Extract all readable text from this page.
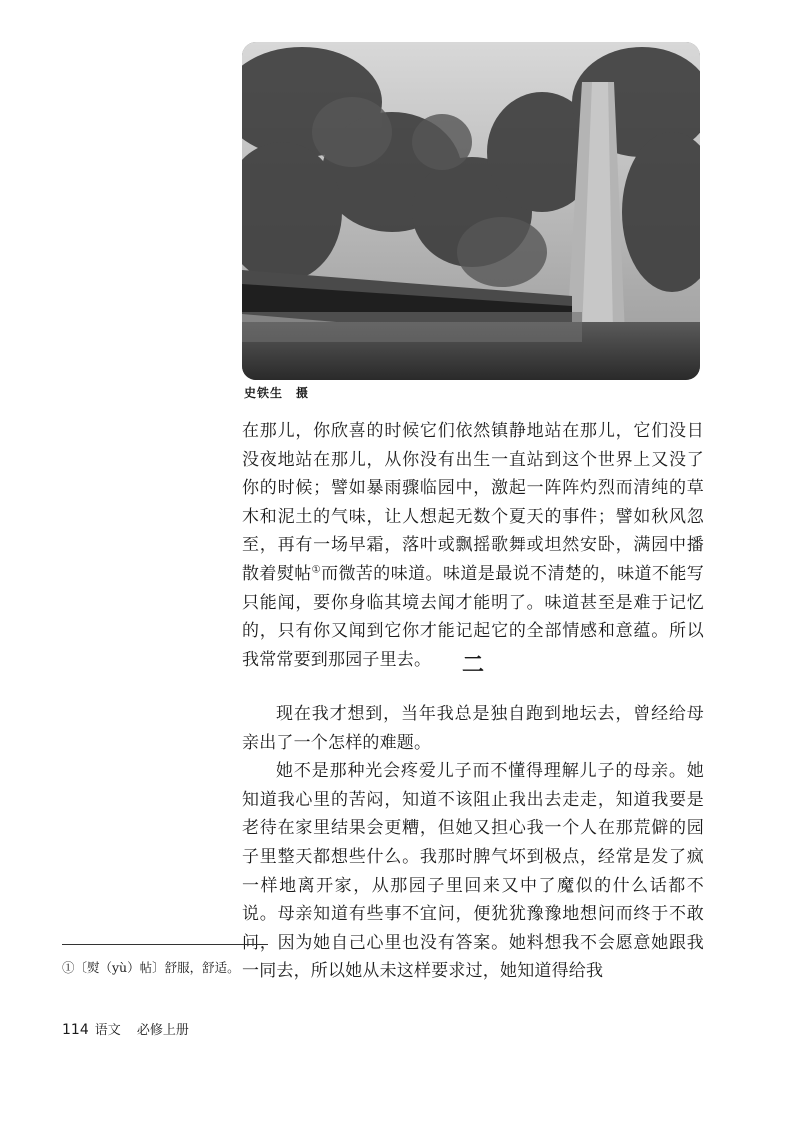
史铁生　摄

在那儿，你欣喜的时候它们依然镇静地站在那儿，它们没日没夜地站在那儿，从你没有出生一直站到这个世界上又没了你的时候；譬如暴雨骤临园中，激起一阵阵灼烈而清纯的草木和泥土的气味，让人想起无数个夏天的事件；譬如秋风忽至，再有一场早霜，落叶或飘摇歌舞或坦然安卧，满园中播散着熨帖①而微苦的味道。味道是最说不清楚的，味道不能写只能闻，要你身临其境去闻才能明了。味道甚至是难于记忆的，只有你又闻到它你才能记起它的全部情感和意蕴。所以我常常要到那园子里去。	二

现在我才想到，当年我总是独自跑到地坛去，曾经给母亲出了一个怎样的难题。

她不是那种光会疼爱儿子而不懂得理解儿子的母亲。她知道我心里的苦闷，知道不该阻止我出去走走，知道我要是老待在家里结果会更糟，但她又担心我一个人在那荒僻的园子里整天都想些什么。我那时脾气坏到极点，经常是发了疯一样地离开家，从那园子里回来又中了魔似的什么话都不说。母亲知道有些事不宜问，便犹犹豫豫地想问而终于不敢问，因为她自己心里也没有答案。她料想我不会愿意她跟我一同去，所以她从未这样要求过，她知道得给我

①〔熨（yù）帖〕舒服，舒适。
114 语文 必修上册
